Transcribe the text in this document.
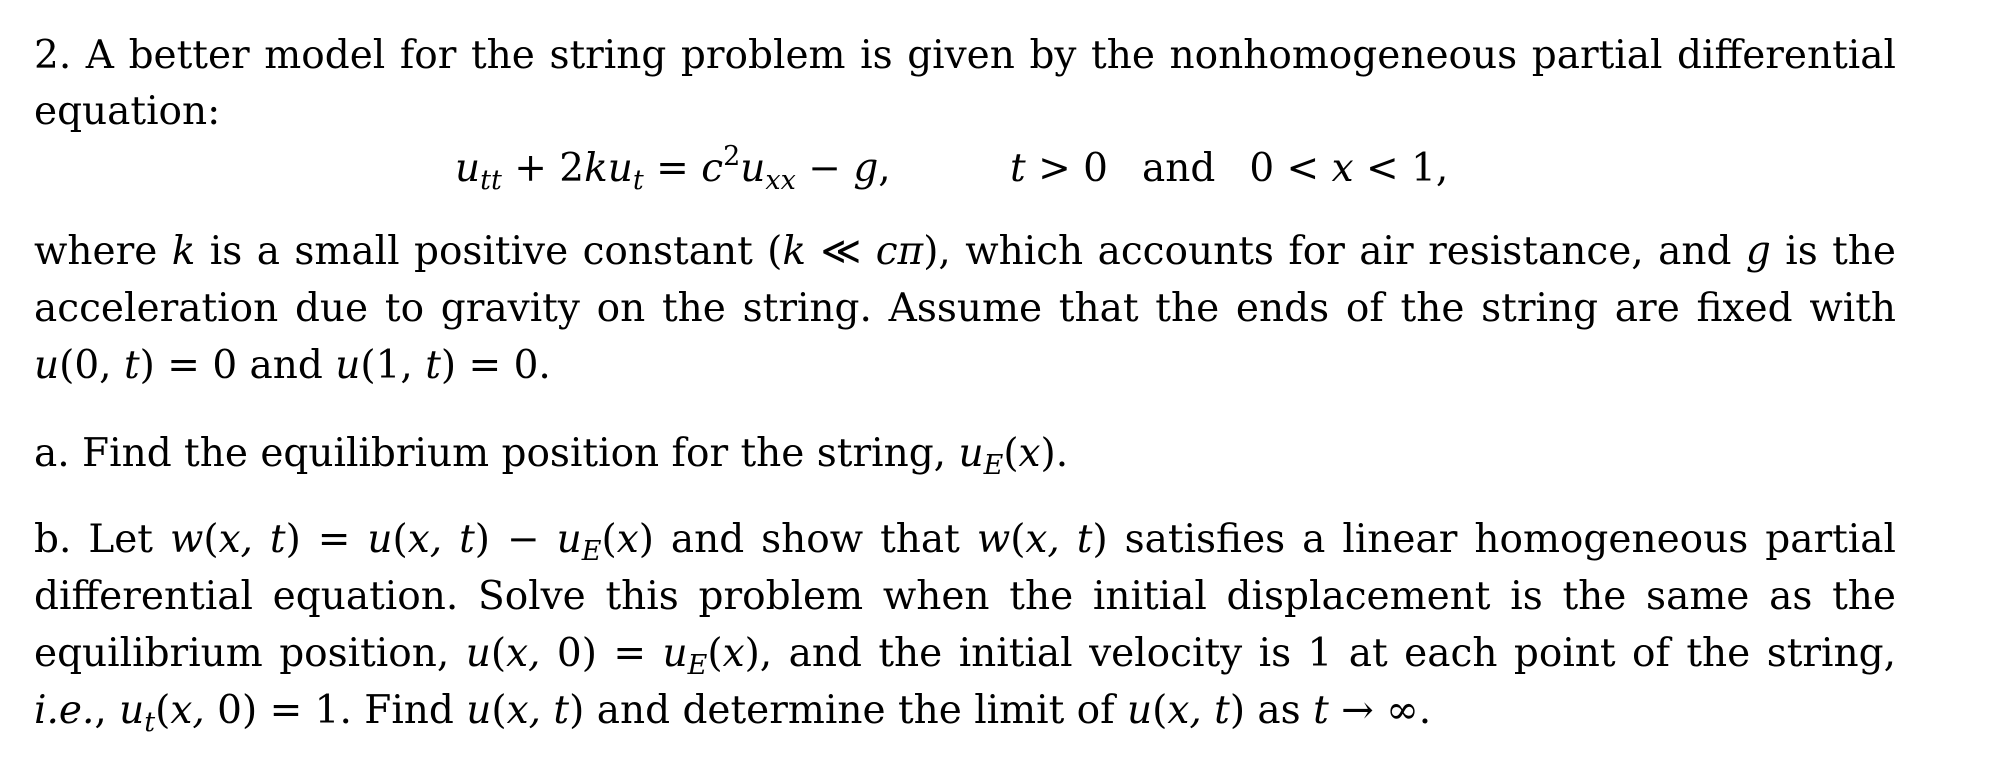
2. A better model for the string problem is given by the nonhomogeneous partial differential
equation:
$u_{tt} + 2ku_t = c^2u_{xx} - g$,	t > 0 and 0 < x < 1,
where k is a small positive constant (k ≪ cπ), which accounts for air resistance, and g is the
acceleration due to gravity on the string. Assume that the ends of the string are fixed with
u(0, t) = 0 and u(1, t) = 0.
a. Find the equilibrium position for the string, $u_E(x)$.
b. Let w(x, t) = u(x, $t) - u_E(x)$ and show that w(x, t) satisfies a linear homogeneous partial
differential equation. Solve this problem when the initial displacement is the same as the
equilibrium position, u(x, $0) = u_E(x)$, and the initial velocity is 1 at each point of the string,
i.e., $u_t(x$, 0) = 1. Find u(x, t) and determine the limit of u(x, t) as t → ∞.
